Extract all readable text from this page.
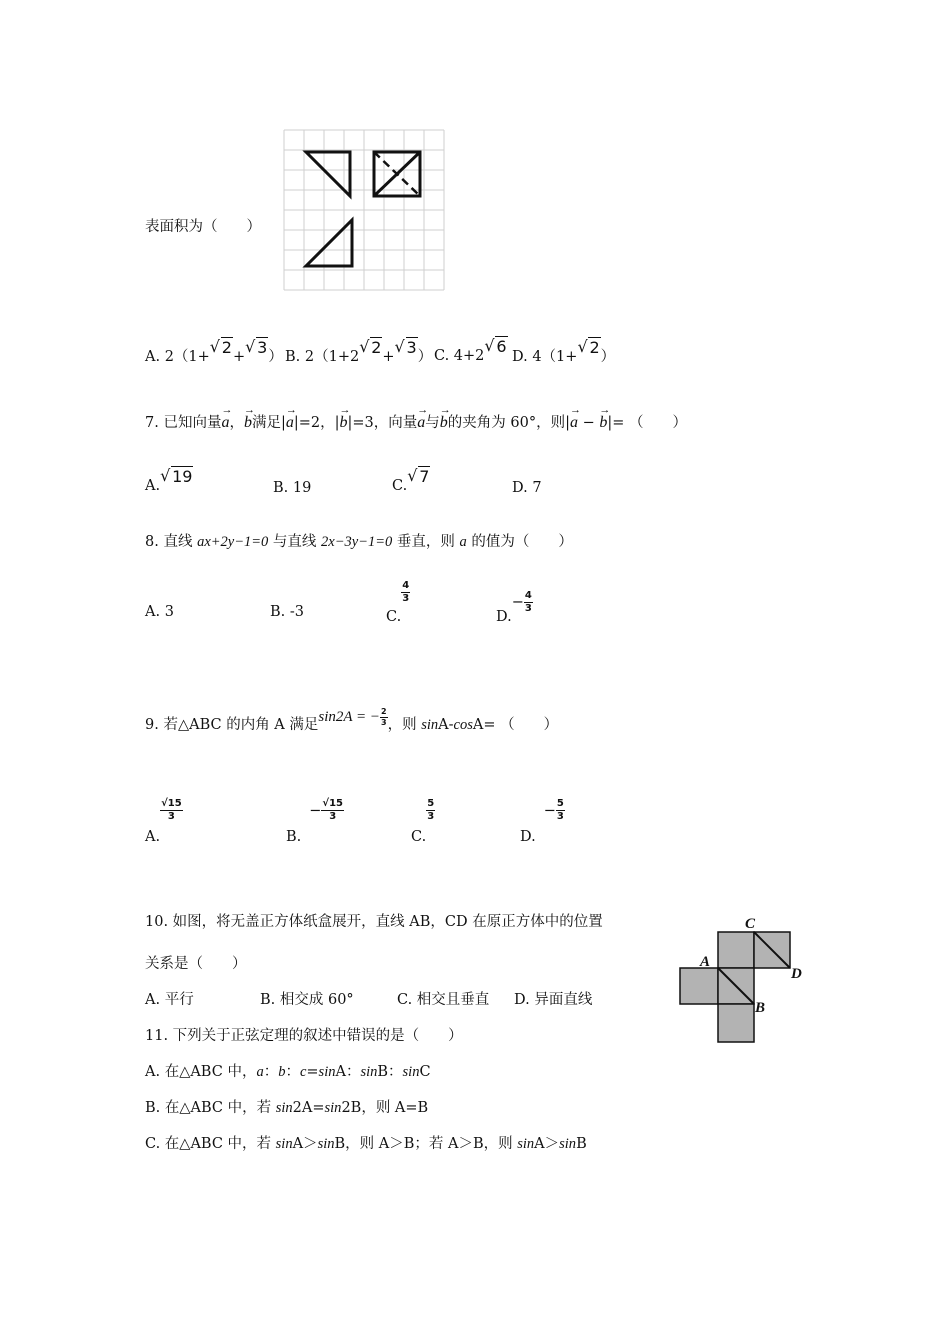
表面积为（　　）
A. 2（1+ √ 2+ √ 3） B. 2（1+2 √ 2+ √ 3） C. 4+2 √ 6
D. 4（1+ √ 2）
7. 已知向量→ a，→ b满足|→ a|=2，|→ b|=3，向量→ a与→ b的夹角为 60°，则|→ a − → b|= （　　）
A. √ 19
B. 19	C. √ 7
D. 7
8. 直线 ax+2y−1=0 与直线 2x−3y−1=0 垂直，则 a 的值为（　　）
A. 3	B. -3	C.
$\frac{4}{3}$
$D.- \frac{4}{3}$
9. 若△ABC 的内角 A 满足sin2A = − $\frac{2}{3}$ ，则 sinA-cosA= （　　）
A.
$\frac{√15}{3}$
$B.- \frac{√15}{3}$
C.
$\frac{5}{3}$
$D.- \frac{5}{3}$
10. 如图，将无盖正方体纸盒展开，直线 AB，CD 在原正方体中的位置
关系是（　　）
A. 平行	B. 相交成 60°	C. 相交且垂直 D. 异面直线
C
A
D
B
11. 下列关于正弦定理的叙述中错误的是（　　）
A. 在△ABC 中，a：b：c=sinA：sinB：sinC
B. 在△ABC 中，若 sin2A=sin2B，则 A=B
C. 在△ABC 中，若 sinA＞sinB，则 A＞B；若 A＞B，则 sinA＞sinB
